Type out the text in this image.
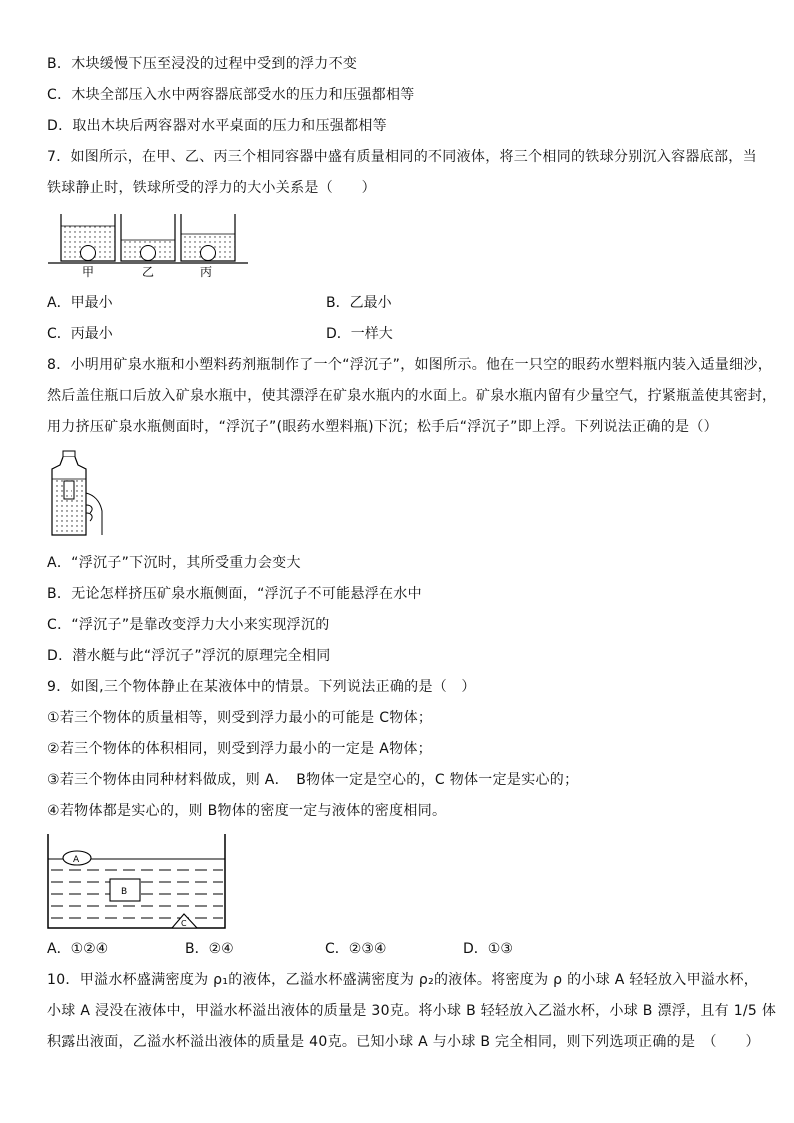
B．木块缓慢下压至浸没的过程中受到的浮力不变
C．木块全部压入水中两容器底部受水的压力和压强都相等
D．取出木块后两容器对水平桌面的压力和压强都相等
7．如图所示，在甲、乙、丙三个相同容器中盛有质量相同的不同液体，将三个相同的铁球分别沉入容器底部，当
铁球静止时，铁球所受的浮力的大小关系是（　　）
甲	乙	丙
A．甲最小	B．乙最小
C．丙最小	D．一样大
8．小明用矿泉水瓶和小塑料药剂瓶制作了一个“浮沉子”，如图所示。他在一只空的眼药水塑料瓶内装入适量细沙，
然后盖住瓶口后放入矿泉水瓶中，使其漂浮在矿泉水瓶内的水面上。矿泉水瓶内留有少量空气，拧紧瓶盖使其密封，
用力挤压矿泉水瓶侧面时，“浮沉子”(眼药水塑料瓶)下沉；松手后“浮沉子”即上浮。下列说法正确的是（）
A．“浮沉子”下沉时，其所受重力会变大
B．无论怎样挤压矿泉水瓶侧面，“浮沉子不可能悬浮在水中
C．“浮沉子”是靠改变浮力大小来实现浮沉的
D．潜水艇与此“浮沉子”浮沉的原理完全相同
9．如图,三个物体静止在某液体中的情景。下列说法正确的是（　）
①若三个物体的质量相等，则受到浮力最小的可能是 C物体；
②若三个物体的体积相同，则受到浮力最小的一定是 A物体；
③若三个物体由同种材料做成，则 A．　B物体一定是空心的，C 物体一定是实心的；
④若物体都是实心的，则 B物体的密度一定与液体的密度相同。
A
B
C
A．①②④	B．②④	C．②③④	D．①③
10．甲溢水杯盛满密度为 ρ₁的液体，乙溢水杯盛满密度为 ρ₂的液体。将密度为 ρ 的小球 A 轻轻放入甲溢水杯，
小球 A 浸没在液体中，甲溢水杯溢出液体的质量是 30克。将小球 B 轻轻放入乙溢水杯，小球 B 漂浮，且有 1/5 体
积露出液面，乙溢水杯溢出液体的质量是 40克。已知小球 A 与小球 B 完全相同，则下列选项正确的是　（　　）
